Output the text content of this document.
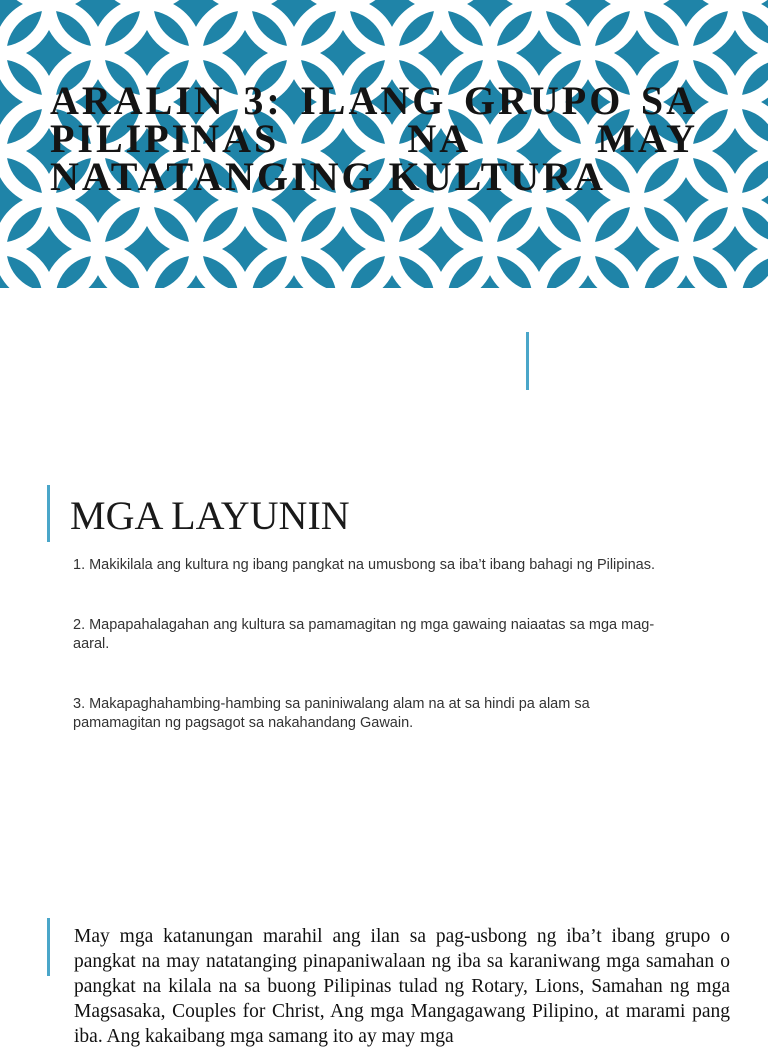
ARALIN 3: ILANG GRUPO SA PILIPINAS NA MAY NATATANGING KULTURA
MGA LAYUNIN
1. Makikilala ang kultura ng ibang pangkat na umusbong sa iba’t ibang bahagi ng Pilipinas.
2. Mapapahalagahan ang kultura sa pamamagitan ng mga gawaing naiaatas sa mga mag-aaral.
3. Makapaghahambing-hambing sa paniniwalang alam na at sa hindi pa alam sa pamamagitan ng pagsagot sa nakahandang Gawain.

May mga katanungan marahil ang ilan sa pag-usbong ng iba’t ibang grupo o pangkat na may natatanging pinapaniwalaan ng iba sa karaniwang mga samahan o pangkat na kilala na sa buong Pilipinas tulad ng Rotary, Lions, Samahan ng mga Magsasaka, Couples for Christ, Ang mga Mangagawang Pilipino, at marami pang iba. Ang kakaibang mga samang ito ay may mga
